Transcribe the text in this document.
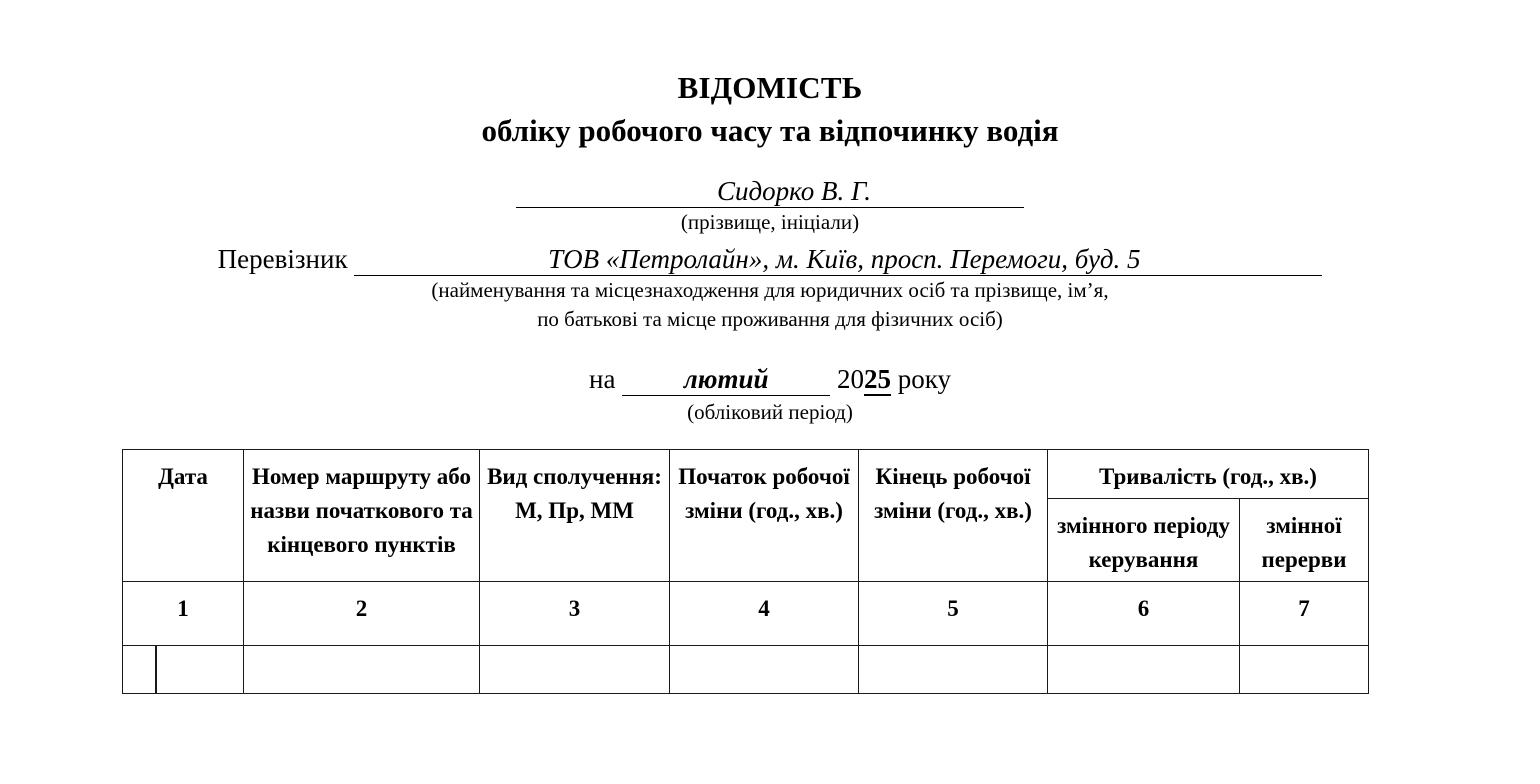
ВІДОМІСТЬ
обліку робочого часу та відпочинку водія
Сидорко В. Г.

(прізвище, ініціали)

Перевізник	ТОВ «Петролайн», м. Київ, просп. Перемоги, буд. 5

(найменування та місцезнаходження для юридичних осіб та прізвище, ім’я,

по батькові та місце проживання для фізичних осіб)

на	лютий	2025 року

(обліковий період)

Дата	Номер маршруту або назви початкового та кінцевого пунктів	Вид сполучення: М, Пр, ММ	Початок робочої зміни (год., хв.)	Кінець робочої зміни (год., хв.)	Тривалість (год., хв.)	
					змінного періоду керування	змінної перерви
1	2	3	4	5	6	7
